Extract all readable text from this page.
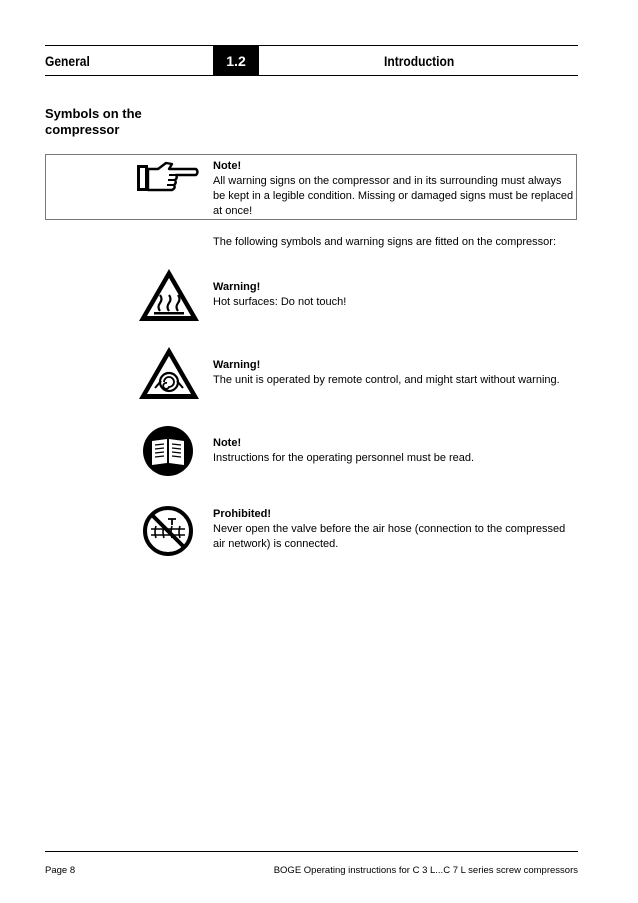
General	1.2	Introduction
Symbols on the compressor
Note!
All warning signs on the compressor and in its surrounding must always be kept in a legible condition. Missing or damaged signs must be replaced at once!
The following symbols and warning signs are fitted on the compressor:
Warning!
Hot surfaces: Do not touch!
Warning!
The unit is operated by remote control, and might start without warning.
Note!
Instructions for the operating personnel must be read.
Prohibited!
Never open the valve before the air hose (connection to the compressed air network) is connected.
Page 8	BOGE Operating instructions for C 3 L...C 7 L series screw compressors
